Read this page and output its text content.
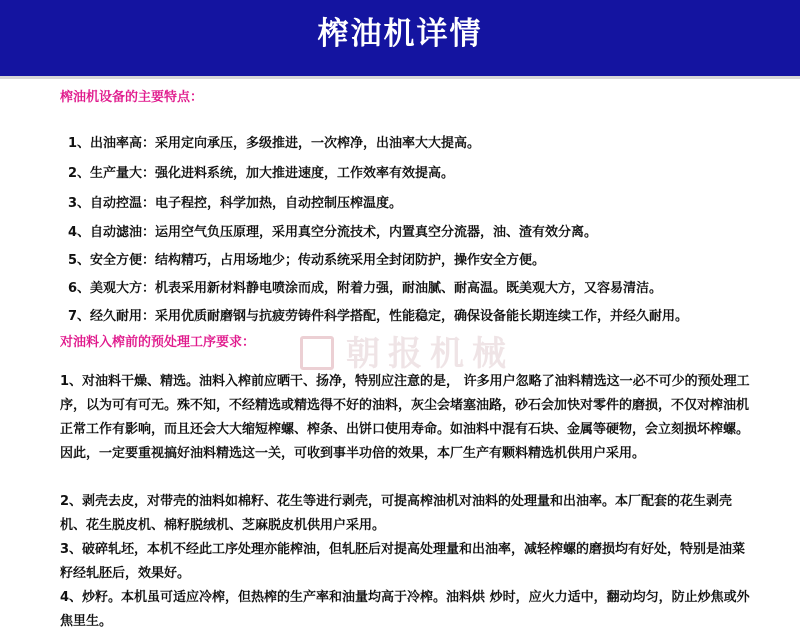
榨油机详情
榨油机设备的主要特点：
1、出油率高：采用定向承压，多级推进，一次榨净，出油率大大提高。
2、生产量大：强化进料系统，加大推进速度，工作效率有效提高。
3、自动控温：电子程控，科学加热，自动控制压榨温度。
4、自动滤油：运用空气负压原理，采用真空分流技术，内置真空分流器，油、渣有效分离。
5、安全方便：结构精巧，占用场地少；传动系统采用全封闭防护，操作安全方便。
6、美观大方：机表采用新材料静电喷涂而成，附着力强，耐油腻、耐高温。既美观大方，又容易清洁。
7、经久耐用：采用优质耐磨钢与抗疲劳铸件科学搭配，性能稳定，确保设备能长期连续工作，并经久耐用。
朝报机械
对油料入榨前的预处理工序要求：
1、对油料干燥、精选。油料入榨前应晒干、扬净，特别应注意的是， 许多用户忽略了油料精选这一必不可少的预处理工序，以为可有可无。殊不知，不经精选或精选得不好的油料，灰尘会堵塞油路，砂石会加快对零件的磨损，不仅对榨油机正常工作有影响，而且还会大大缩短榨螺、榨条、出饼口使用寿命。如油料中混有石块、金属等硬物，会立刻损坏榨螺。因此，一定要重视搞好油料精选这一关，可收到事半功倍的效果，本厂生产有颗料精选机供用户采用。
2、剥壳去皮，对带壳的油料如棉籽、花生等进行剥壳，可提高榨油机对油料的处理量和出油率。本厂配套的花生剥壳机、花生脱皮机、棉籽脱绒机、芝麻脱皮机供用户采用。
3、破碎轧坯，本机不经此工序处理亦能榨油，但轧胚后对提高处理量和出油率，减轻榨螺的磨损均有好处，特别是油菜籽经轧胚后，效果好。
4、炒籽。本机虽可适应冷榨，但热榨的生产率和油量均高于冷榨。油料烘 炒时，应火力适中，翻动均匀，防止炒焦或外焦里生。
